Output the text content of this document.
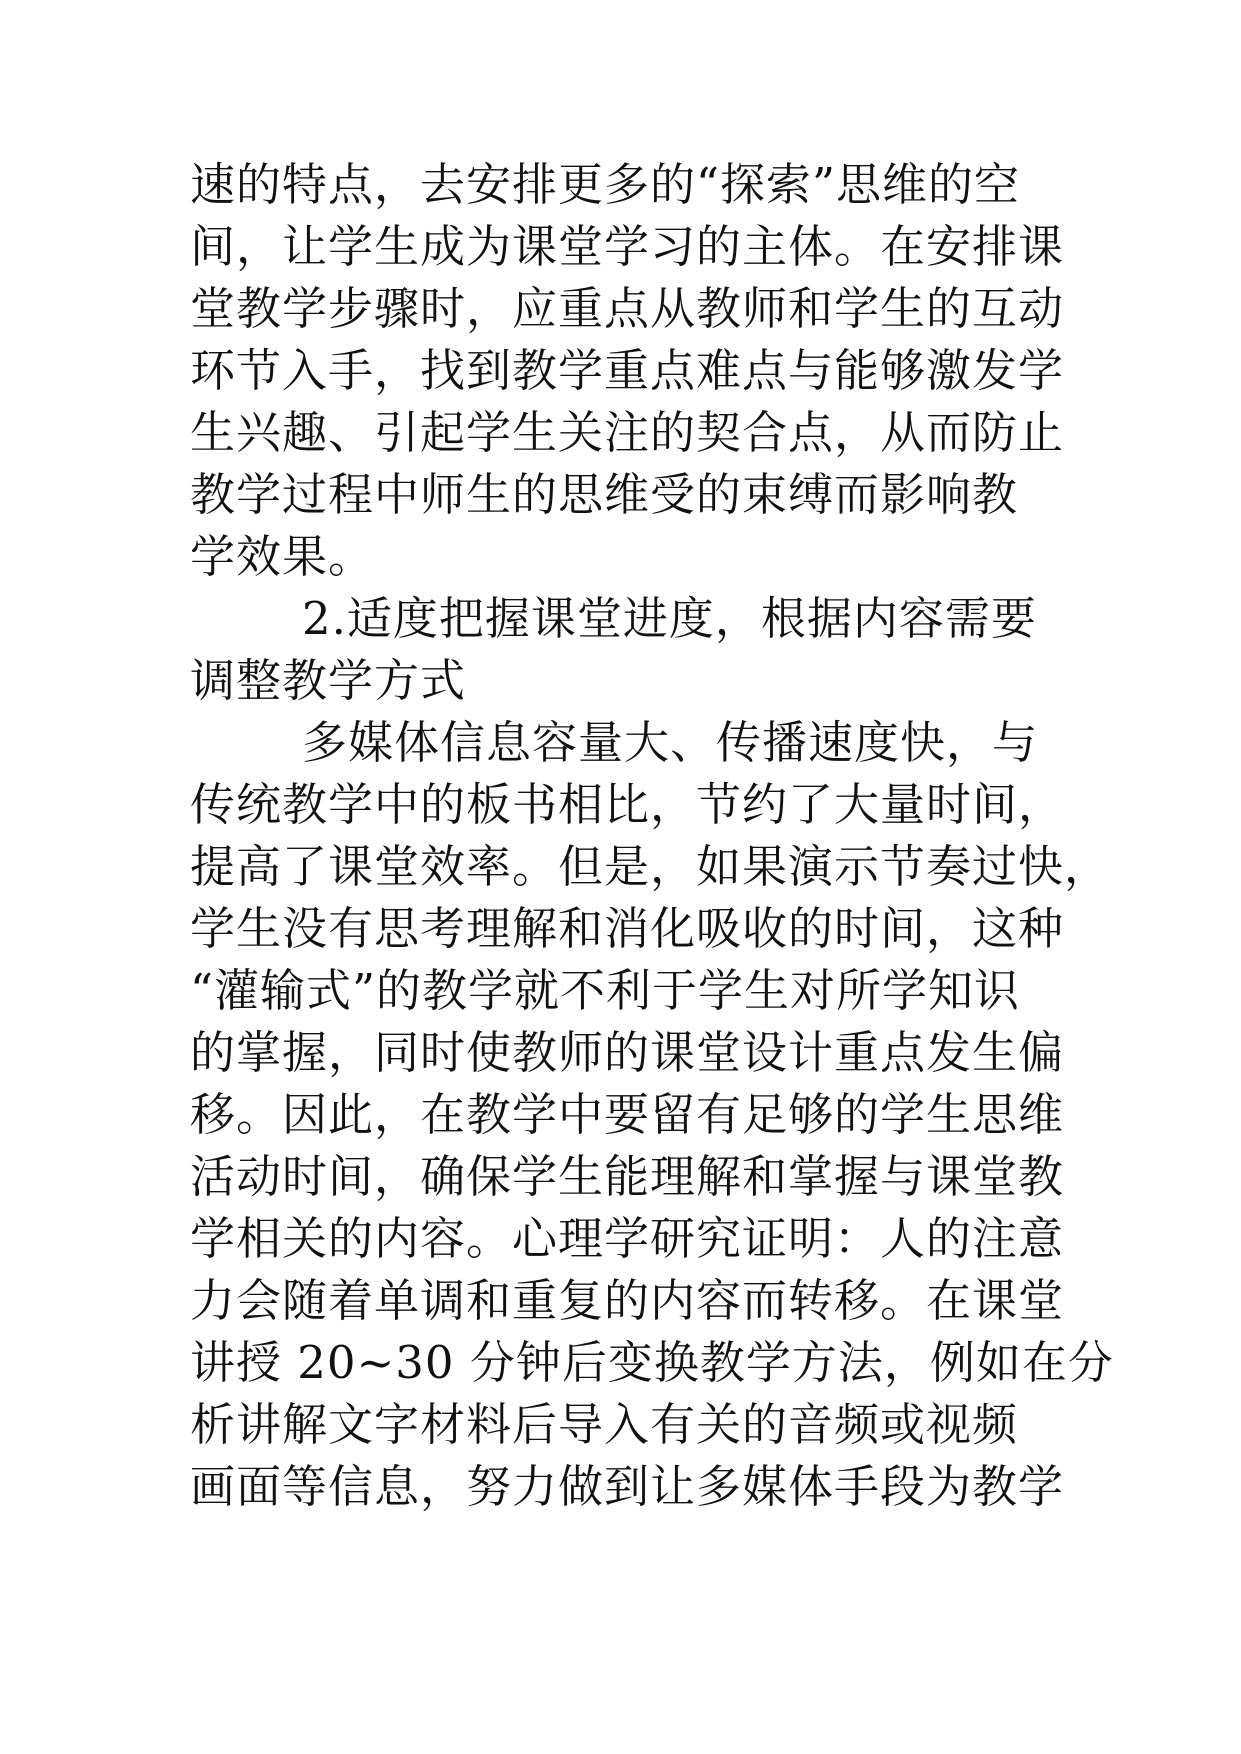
速的特点，去安排更多的“探索”思维的空
间，让学生成为课堂学习的主体。在安排课
堂教学步骤时，应重点从教师和学生的互动
环节入手，找到教学重点难点与能够激发学
生兴趣、引起学生关注的契合点，从而防止
教学过程中师生的思维受的束缚而影响教
学效果。
2.适度把握课堂进度，根据内容需要
调整教学方式
多媒体信息容量大、传播速度快，与
传统教学中的板书相比，节约了大量时间，
提高了课堂效率。但是，如果演示节奏过快，
学生没有思考理解和消化吸收的时间，这种
“灌输式”的教学就不利于学生对所学知识
的掌握，同时使教师的课堂设计重点发生偏
移。因此，在教学中要留有足够的学生思维
活动时间，确保学生能理解和掌握与课堂教
学相关的内容。心理学研究证明：人的注意
力会随着单调和重复的内容而转移。在课堂
讲授 20~30 分钟后变换教学方法，例如在分
析讲解文字材料后导入有关的音频或视频
画面等信息，努力做到让多媒体手段为教学
